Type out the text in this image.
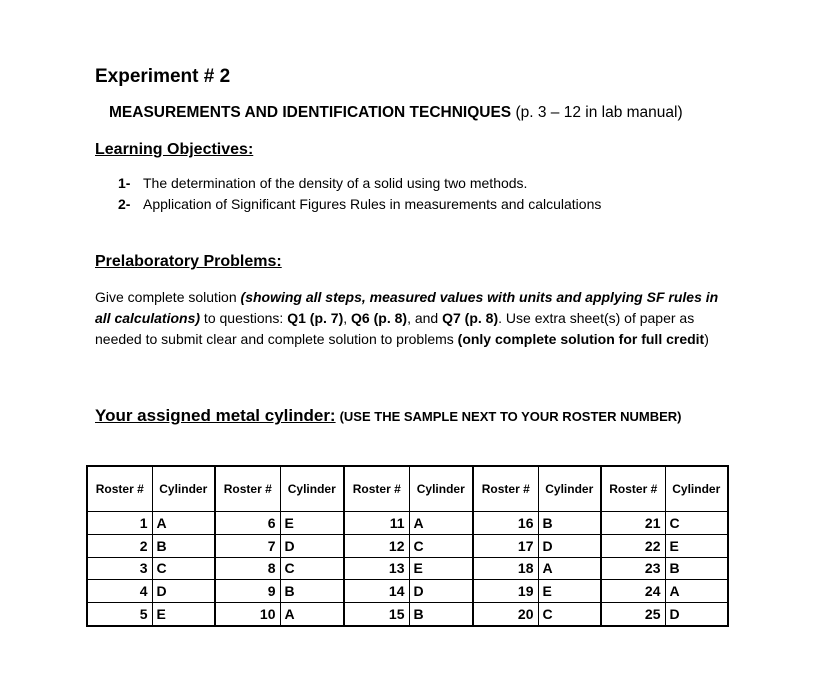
Experiment # 2
MEASUREMENTS AND IDENTIFICATION TECHNIQUES (p. 3 – 12 in lab manual)
Learning Objectives:
1- The determination of the density of a solid using two methods.
2- Application of Significant Figures Rules in measurements and calculations
Prelaboratory Problems:
Give complete solution (showing all steps, measured values with units and applying SF rules in all calculations) to questions: Q1 (p. 7), Q6 (p. 8), and Q7 (p. 8). Use extra sheet(s) of paper as needed to submit clear and complete solution to problems (only complete solution for full credit)
Your assigned metal cylinder: (USE THE SAMPLE NEXT TO YOUR ROSTER NUMBER)
Roster #	Cylinder	Roster #	Cylinder	Roster #	Cylinder	Roster #	Cylinder	Roster #	Cylinder
1	A	6	E	11	A	16	B	21	C
2	B	7	D	12	C	17	D	22	E
3	C	8	C	13	E	18	A	23	B
4	D	9	B	14	D	19	E	24	A
5	E	10	A	15	B	20	C	25	D
